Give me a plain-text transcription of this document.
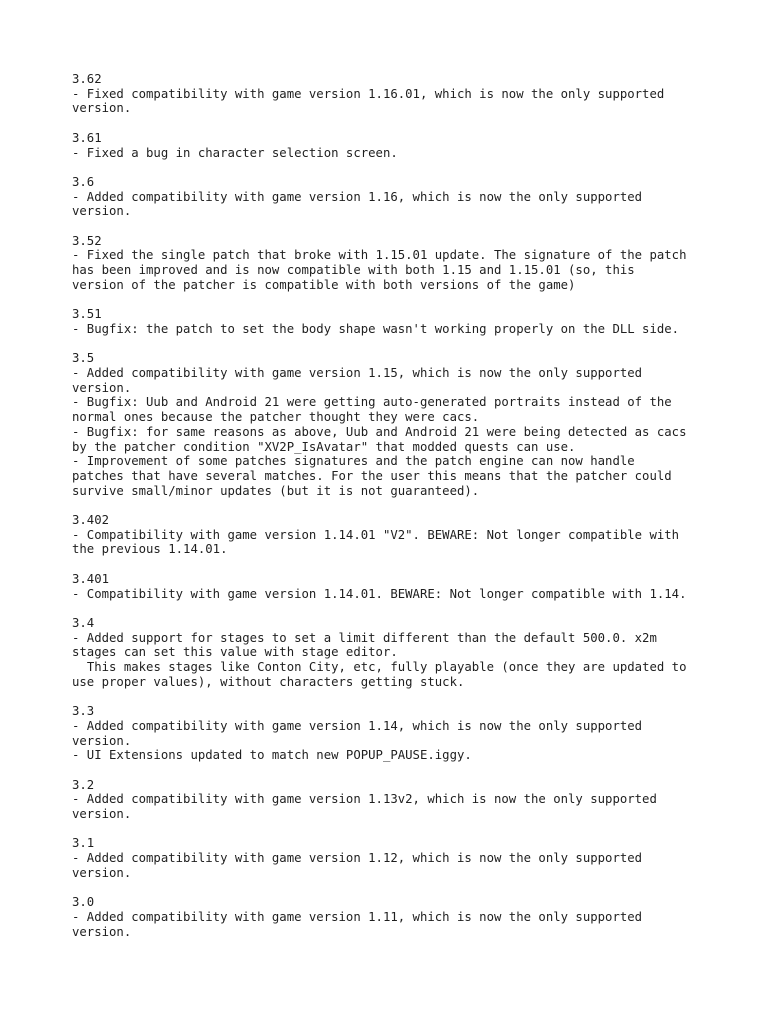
3.62
- Fixed compatibility with game version 1.16.01, which is now the only supported
version.
3.61
- Fixed a bug in character selection screen.
3.6
- Added compatibility with game version 1.16, which is now the only supported
version.
3.52
- Fixed the single patch that broke with 1.15.01 update. The signature of the patch
has been improved and is now compatible with both 1.15 and 1.15.01 (so, this
version of the patcher is compatible with both versions of the game)
3.51
- Bugfix: the patch to set the body shape wasn't working properly on the DLL side.
3.5
- Added compatibility with game version 1.15, which is now the only supported
version.
- Bugfix: Uub and Android 21 were getting auto-generated portraits instead of the
normal ones because the patcher thought they were cacs.
- Bugfix: for same reasons as above, Uub and Android 21 were being detected as cacs
by the patcher condition "XV2P_IsAvatar" that modded quests can use.
- Improvement of some patches signatures and the patch engine can now handle
patches that have several matches. For the user this means that the patcher could
survive small/minor updates (but it is not guaranteed).
3.402
- Compatibility with game version 1.14.01 "V2". BEWARE: Not longer compatible with
the previous 1.14.01.
3.401
- Compatibility with game version 1.14.01. BEWARE: Not longer compatible with 1.14.
3.4
- Added support for stages to set a limit different than the default 500.0. x2m
stages can set this value with stage editor.
This makes stages like Conton City, etc, fully playable (once they are updated to
use proper values), without characters getting stuck.
3.3
- Added compatibility with game version 1.14, which is now the only supported
version.
- UI Extensions updated to match new POPUP_PAUSE.iggy.
3.2
- Added compatibility with game version 1.13v2, which is now the only supported
version.
3.1
- Added compatibility with game version 1.12, which is now the only supported
version.
3.0
- Added compatibility with game version 1.11, which is now the only supported
version.
